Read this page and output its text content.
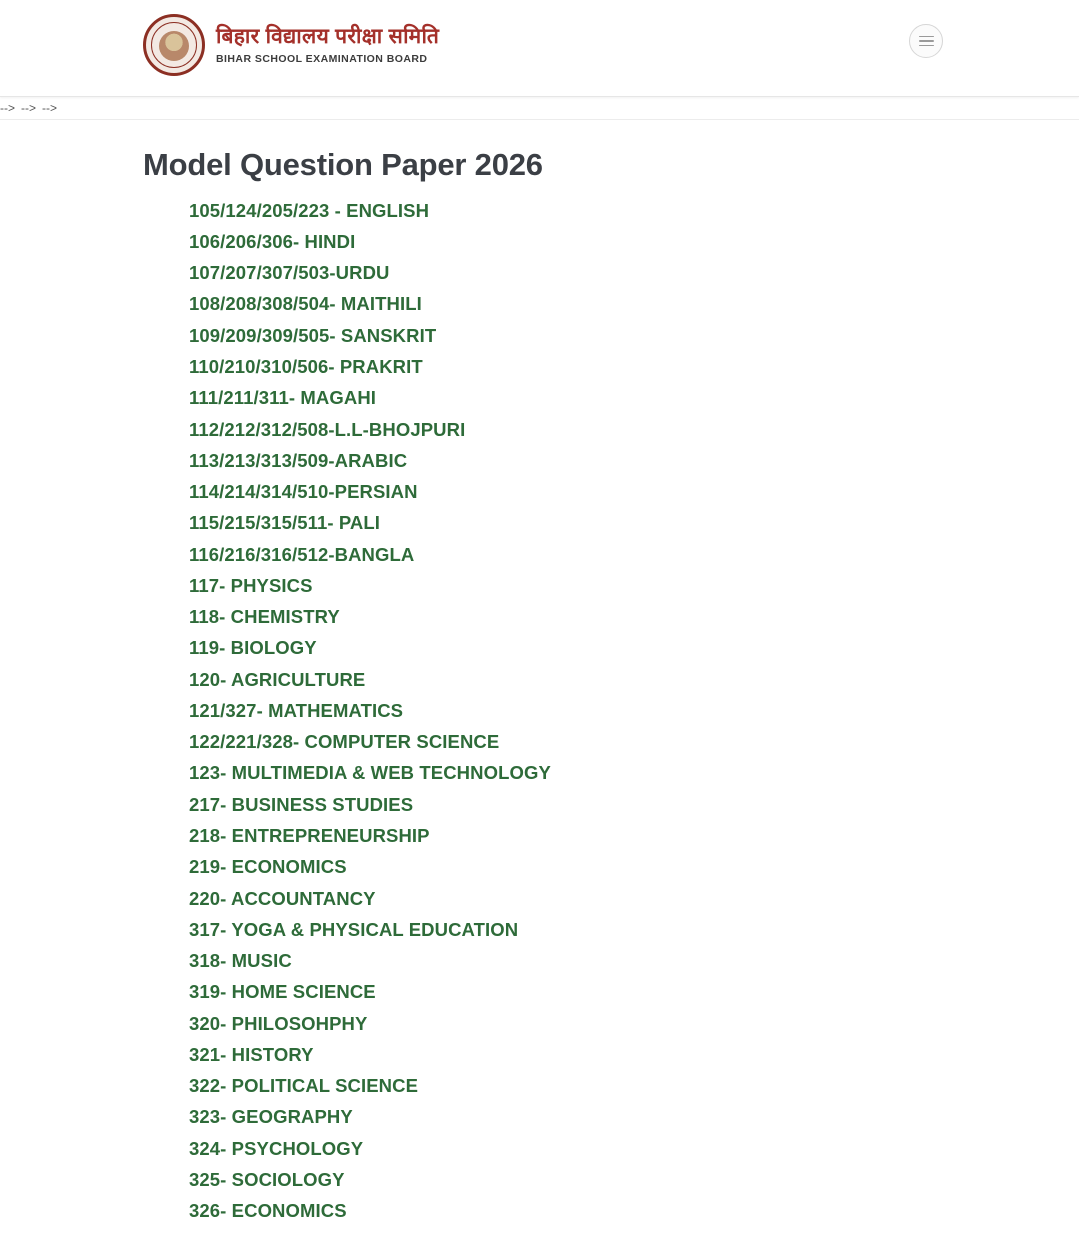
बिहार विद्यालय परीक्षा समिति
BIHAR SCHOOL EXAMINATION BOARD
--> --> -->
Model Question Paper 2026
105/124/205/223 - ENGLISH
106/206/306- HINDI
107/207/307/503-URDU
108/208/308/504- MAITHILI
109/209/309/505- SANSKRIT
110/210/310/506- PRAKRIT
111/211/311- MAGAHI
112/212/312/508-L.L-BHOJPURI
113/213/313/509-ARABIC
114/214/314/510-PERSIAN
115/215/315/511- PALI
116/216/316/512-BANGLA
117- PHYSICS
118- CHEMISTRY
119- BIOLOGY
120- AGRICULTURE
121/327- MATHEMATICS
122/221/328- COMPUTER SCIENCE
123- MULTIMEDIA & WEB TECHNOLOGY
217- BUSINESS STUDIES
218- ENTREPRENEURSHIP
219- ECONOMICS
220- ACCOUNTANCY
317- YOGA & PHYSICAL EDUCATION
318- MUSIC
319- HOME SCIENCE
320- PHILOSOHPHY
321- HISTORY
322- POLITICAL SCIENCE
323- GEOGRAPHY
324- PSYCHOLOGY
325- SOCIOLOGY
326- ECONOMICS
